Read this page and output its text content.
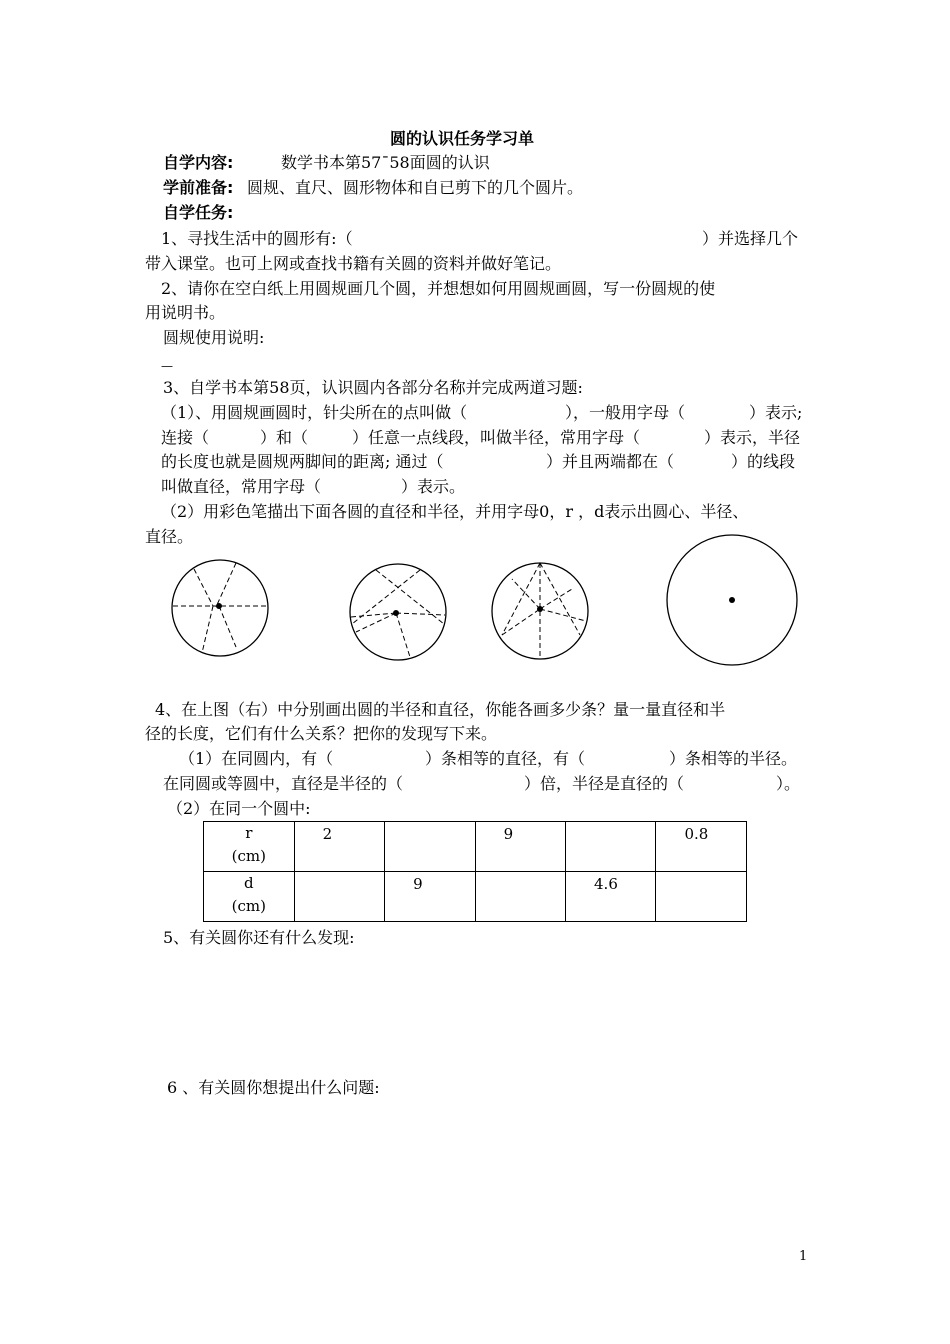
圆的认识任务学习单
自学内容:	数学书本第57¯58面圆的认识
学前准备: 圆规、直尺、圆形物体和自已剪下的几个圆片。
自学任务:
1、寻找生活中的圆形有:（	）并选择几个
带入课堂。也可上网或查找书籍有关圆的资料并做好笔记。
2、请你在空白纸上用圆规画几个圆，并想想如何用圆规画圆，写一份圆规的使
用说明书。
圆规使用说明:
—
3、自学书本第58页，认识圆内各部分名称并完成两道习题:
（1）、用圆规画圆时，针尖所在的点叫做（	），一般用字母（	）表示;
连接（	）和（	）任意一点线段，叫做半径，常用字母（	）表示，半径
的长度也就是圆规两脚间的距离; 通过（	）并且两端都在（	）的线段
叫做直径，常用字母（	）表示。
（2）用彩色笔描出下面各圆的直径和半径，并用字母0，r ，d表示出圆心、半径、
直径。
4、在上图（右）中分别画出圆的半径和直径，你能各画多少条？量一量直径和半
径的长度，它们有什么关系？把你的发现写下来。
（1）在同圆内，有（	）条相等的直径，有（	）条相等的半径。
在同圆或等圆中，直径是半径的（	）倍，半径是直径的（	）。
（2）在同一个圆中:
r
(cm)	2		9		0.8

d
(cm)		9		4.6	

5、有关圆你还有什么发现:
6 、有关圆你想提出什么问题:
1
